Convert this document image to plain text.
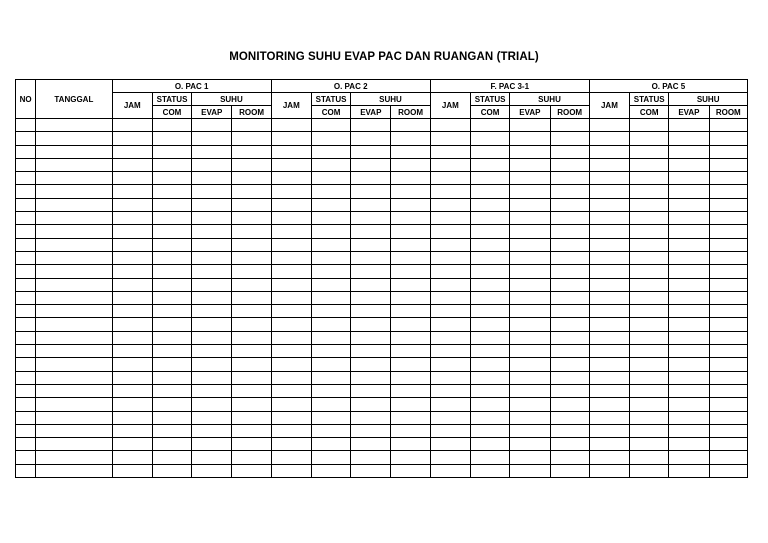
MONITORING SUHU EVAP PAC DAN RUANGAN (TRIAL)
NO	TANGGAL	O. PAC 1				O. PAC 2				F. PAC 3-1				O. PAC 5			
		JAM	STATUS	SUHU		JAM	STATUS	SUHU		JAM	STATUS	SUHU		JAM	STATUS	SUHU	
			COM	EVAP	ROOM		COM	EVAP	ROOM		COM	EVAP	ROOM		COM	EVAP	ROOM
